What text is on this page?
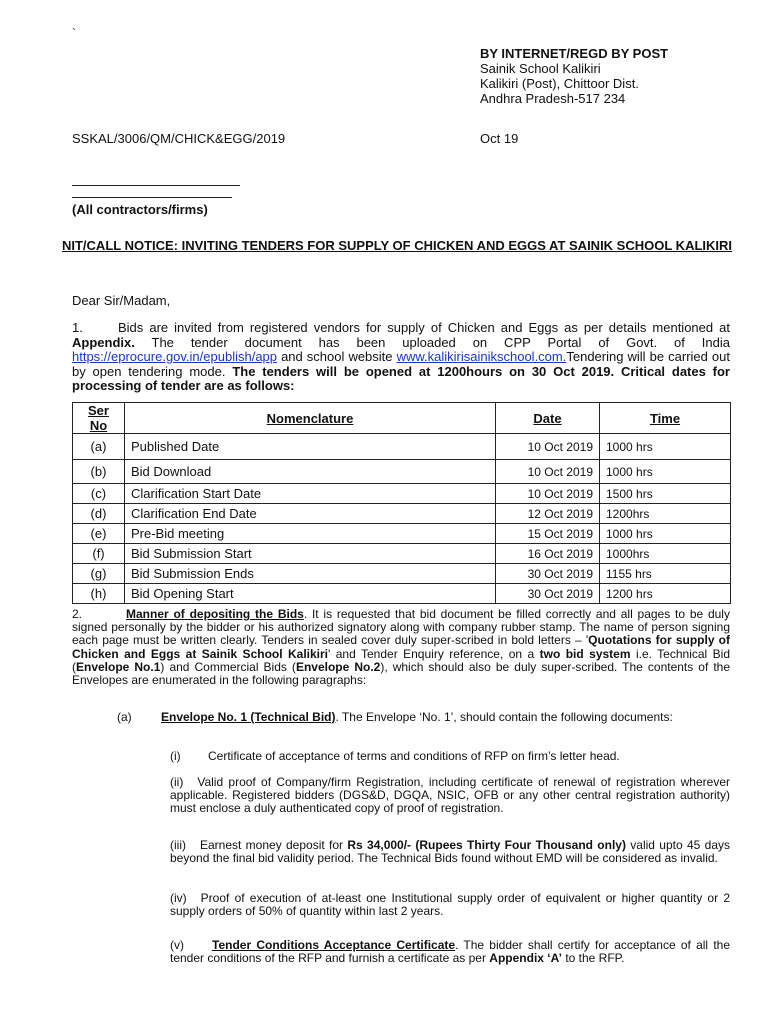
`
BY INTERNET/REGD BY POST
Sainik School Kalikiri
Kalikiri (Post), Chittoor Dist.
Andhra Pradesh-517 234
SSKAL/3006/QM/CHICK&EGG/2019	Oct 19
(All contractors/firms)
NIT/CALL NOTICE: INVITING TENDERS FOR SUPPLY OF CHICKEN AND EGGS AT SAINIK SCHOOL KALIKIRI
Dear Sir/Madam,
1.	Bids are invited from registered vendors for supply of Chicken and Eggs as per details mentioned at Appendix. The tender document has been uploaded on CPP Portal of Govt. of India https://eprocure.gov.in/epublish/app and school website www.kalikirisainikschool.com.Tendering will be carried out by open tendering mode. The tenders will be opened at 1200hours on 30 Oct 2019. Critical dates for processing of tender are as follows:
Ser No	Nomenclature	Date	Time
(a)	Published Date	10 Oct 2019	1000 hrs
(b)	Bid Download	10 Oct 2019	1000 hrs
(c)	Clarification Start Date	10 Oct 2019	1500 hrs
(d)	Clarification End Date	12 Oct 2019	1200hrs
(e)	Pre-Bid meeting	15 Oct 2019	1000 hrs
(f)	Bid Submission Start	16 Oct 2019	1000hrs
(g)	Bid Submission Ends	30 Oct 2019	1155 hrs
(h)	Bid Opening Start	30 Oct 2019	1200 hrs
2.	Manner of depositing the Bids. It is requested that bid document be filled correctly and all pages to be duly signed personally by the bidder or his authorized signatory along with company rubber stamp. The name of person signing each page must be written clearly. Tenders in sealed cover duly super-scribed in bold letters – 'Quotations for supply of Chicken and Eggs at Sainik School Kalikiri' and Tender Enquiry reference, on a two bid system i.e. Technical Bid (Envelope No.1) and Commercial Bids (Envelope No.2), which should also be duly super-scribed. The contents of the Envelopes are enumerated in the following paragraphs:
(a) Envelope No. 1 (Technical Bid). The Envelope ‘No. 1’, should contain the following documents:
(i) Certificate of acceptance of terms and conditions of RFP on firm’s letter head.
(ii) Valid proof of Company/firm Registration, including certificate of renewal of registration wherever applicable. Registered bidders (DGS&D, DGQA, NSIC, OFB or any other central registration authority) must enclose a duly authenticated copy of proof of registration.
(iii) Earnest money deposit for Rs 34,000/- (Rupees Thirty Four Thousand only) valid upto 45 days beyond the final bid validity period. The Technical Bids found without EMD will be considered as invalid.
(iv) Proof of execution of at-least one Institutional supply order of equivalent or higher quantity or 2 supply orders of 50% of quantity within last 2 years.
(v) Tender Conditions Acceptance Certificate. The bidder shall certify for acceptance of all the tender conditions of the RFP and furnish a certificate as per Appendix ‘A’ to the RFP.
